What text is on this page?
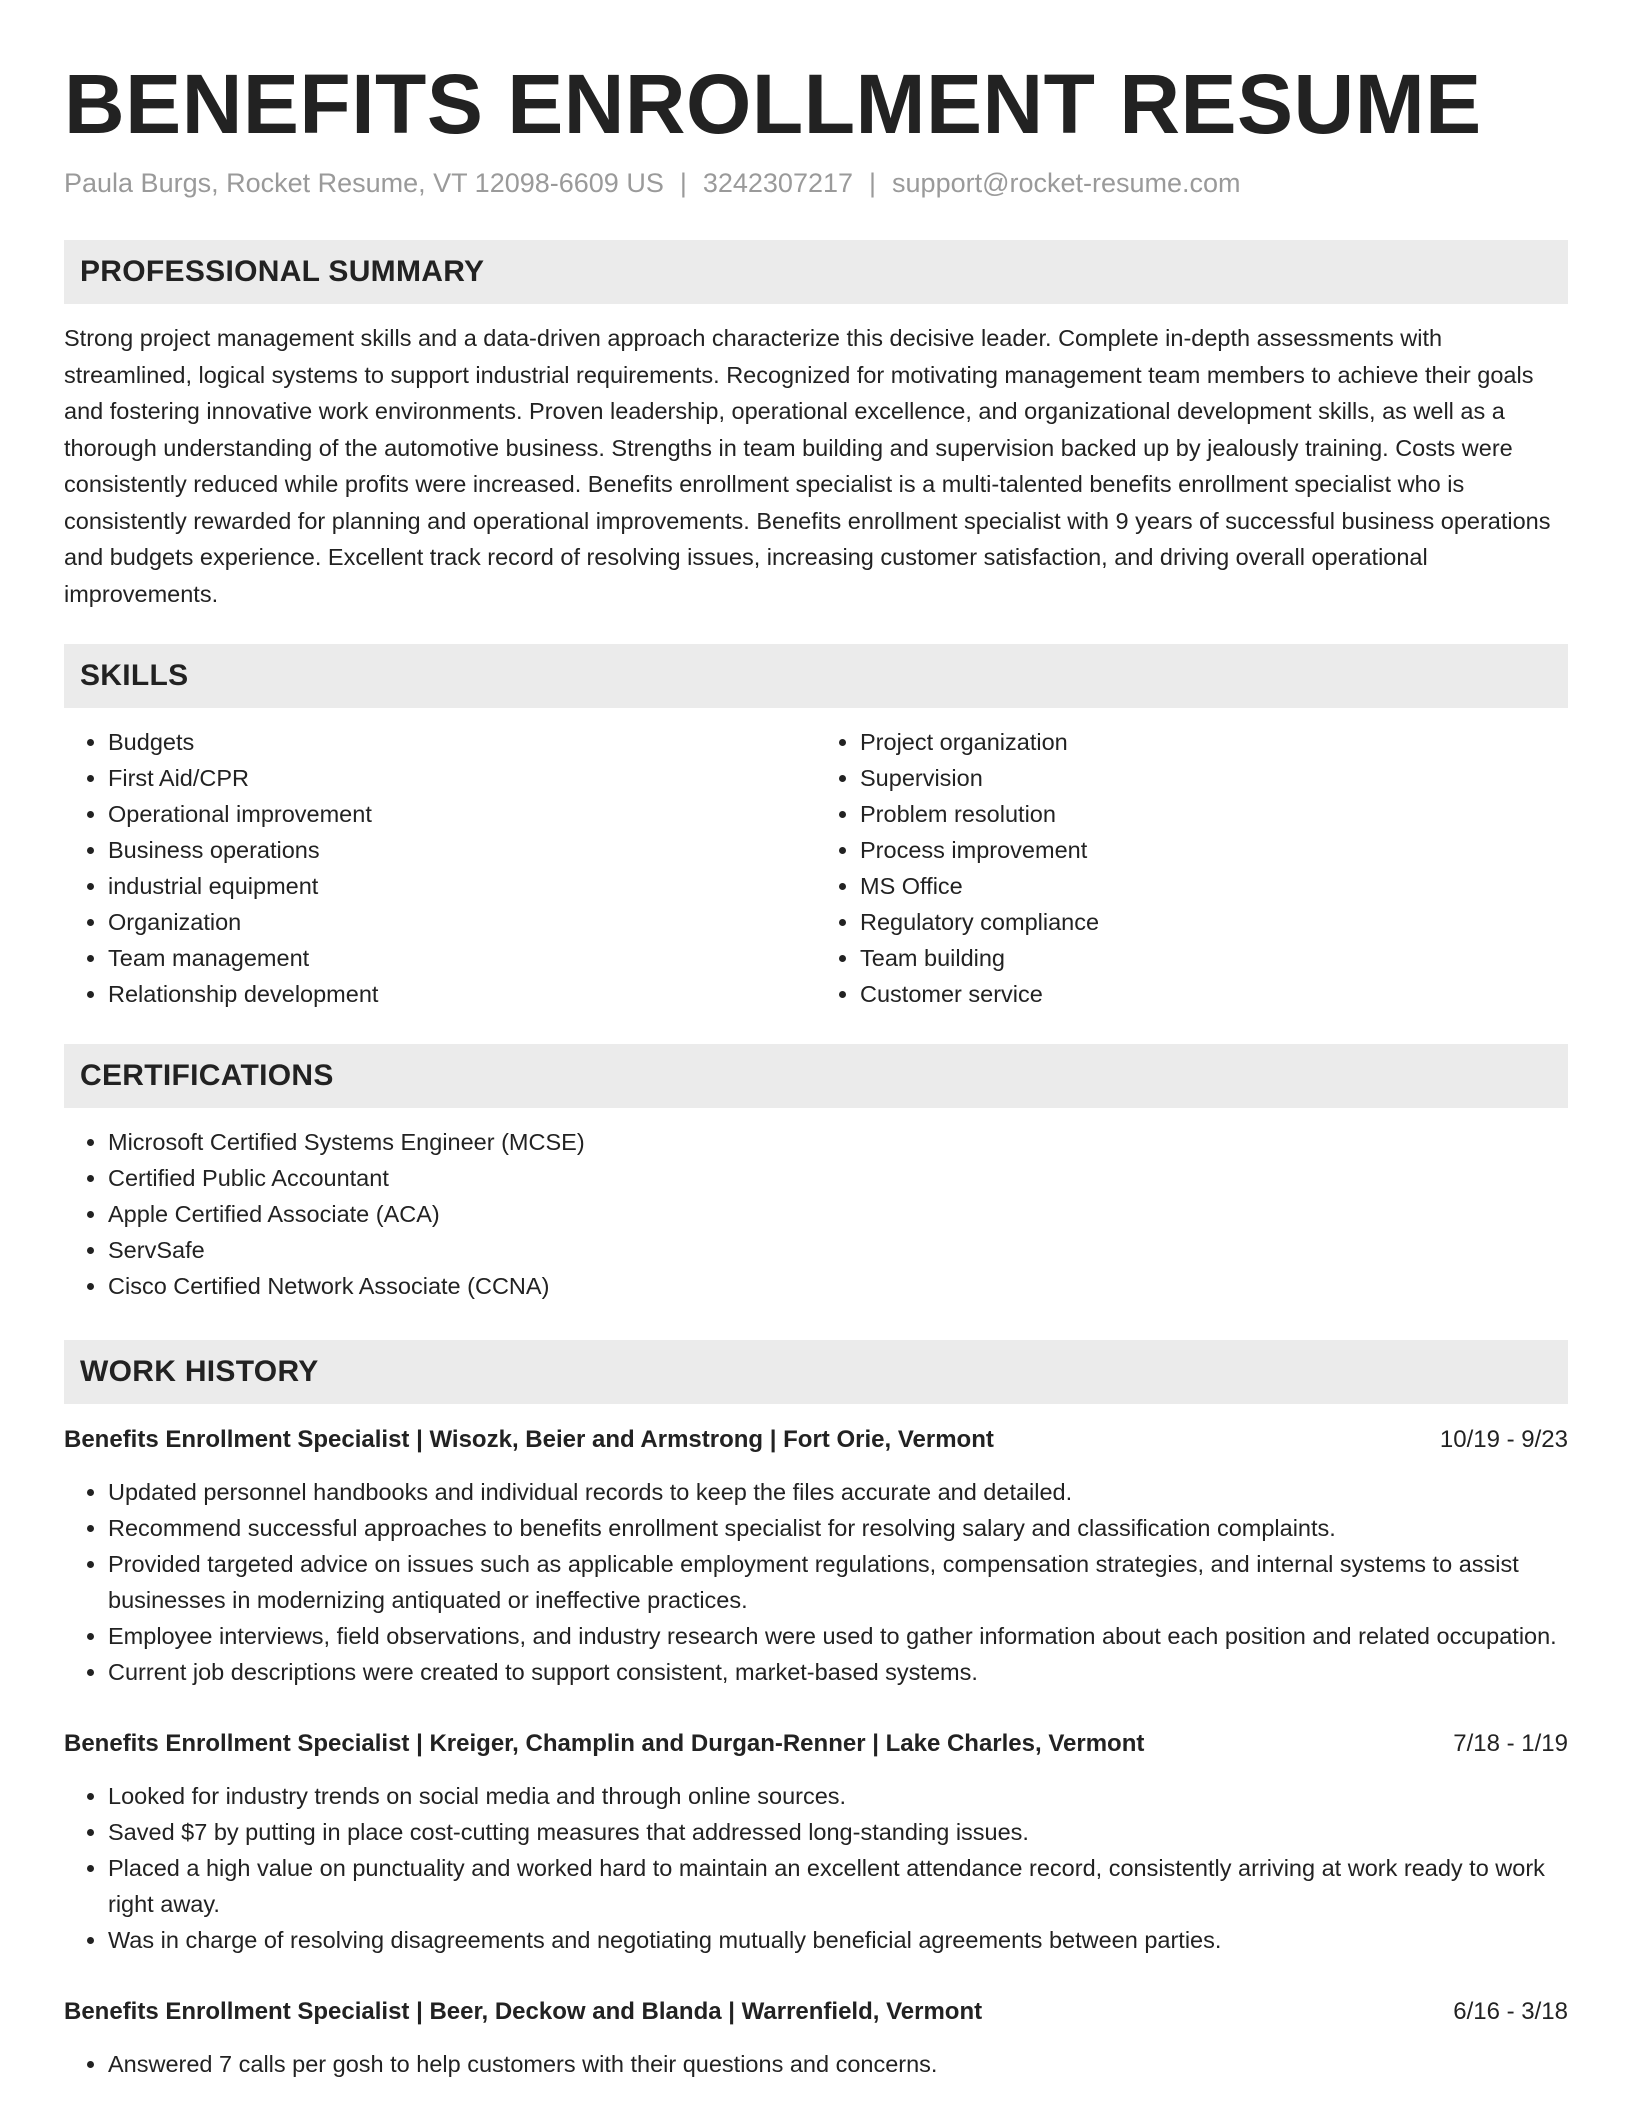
BENEFITS ENROLLMENT RESUME
Paula Burgs, Rocket Resume, VT 12098-6609 US | 3242307217 | support@rocket-resume.com
PROFESSIONAL SUMMARY

Strong project management skills and a data-driven approach characterize this decisive leader. Complete in-depth assessments with streamlined, logical systems to support industrial requirements. Recognized for motivating management team members to achieve their goals and fostering innovative work environments. Proven leadership, operational excellence, and organizational development skills, as well as a thorough understanding of the automotive business. Strengths in team building and supervision backed up by jealously training. Costs were consistently reduced while profits were increased. Benefits enrollment specialist is a multi-talented benefits enrollment specialist who is consistently rewarded for planning and operational improvements. Benefits enrollment specialist with 9 years of successful business operations and budgets experience. Excellent track record of resolving issues, increasing customer satisfaction, and driving overall operational improvements.

SKILLS
• Budgets
• First Aid/CPR
• Operational improvement
• Business operations
• industrial equipment
• Organization
• Team management
• Relationship development
• Project organization
• Supervision
• Problem resolution
• Process improvement
• MS Office
• Regulatory compliance
• Team building
• Customer service
CERTIFICATIONS
• Microsoft Certified Systems Engineer (MCSE)
• Certified Public Accountant
• Apple Certified Associate (ACA)
• ServSafe
• Cisco Certified Network Associate (CCNA)
WORK HISTORY
Benefits Enrollment Specialist | Wisozk, Beier and Armstrong | Fort Orie, Vermont	10/19 - 9/23
• Updated personnel handbooks and individual records to keep the files accurate and detailed.
• Recommend successful approaches to benefits enrollment specialist for resolving salary and classification complaints.
• Provided targeted advice on issues such as applicable employment regulations, compensation strategies, and internal systems to assist businesses in modernizing antiquated or ineffective practices.
• Employee interviews, field observations, and industry research were used to gather information about each position and related occupation.
• Current job descriptions were created to support consistent, market-based systems.
Benefits Enrollment Specialist | Kreiger, Champlin and Durgan-Renner | Lake Charles, Vermont	7/18 - 1/19
• Looked for industry trends on social media and through online sources.
• Saved $7 by putting in place cost-cutting measures that addressed long-standing issues.
• Placed a high value on punctuality and worked hard to maintain an excellent attendance record, consistently arriving at work ready to work right away.
• Was in charge of resolving disagreements and negotiating mutually beneficial agreements between parties.
Benefits Enrollment Specialist | Beer, Deckow and Blanda | Warrenfield, Vermont	6/16 - 3/18
• Answered 7 calls per gosh to help customers with their questions and concerns.
